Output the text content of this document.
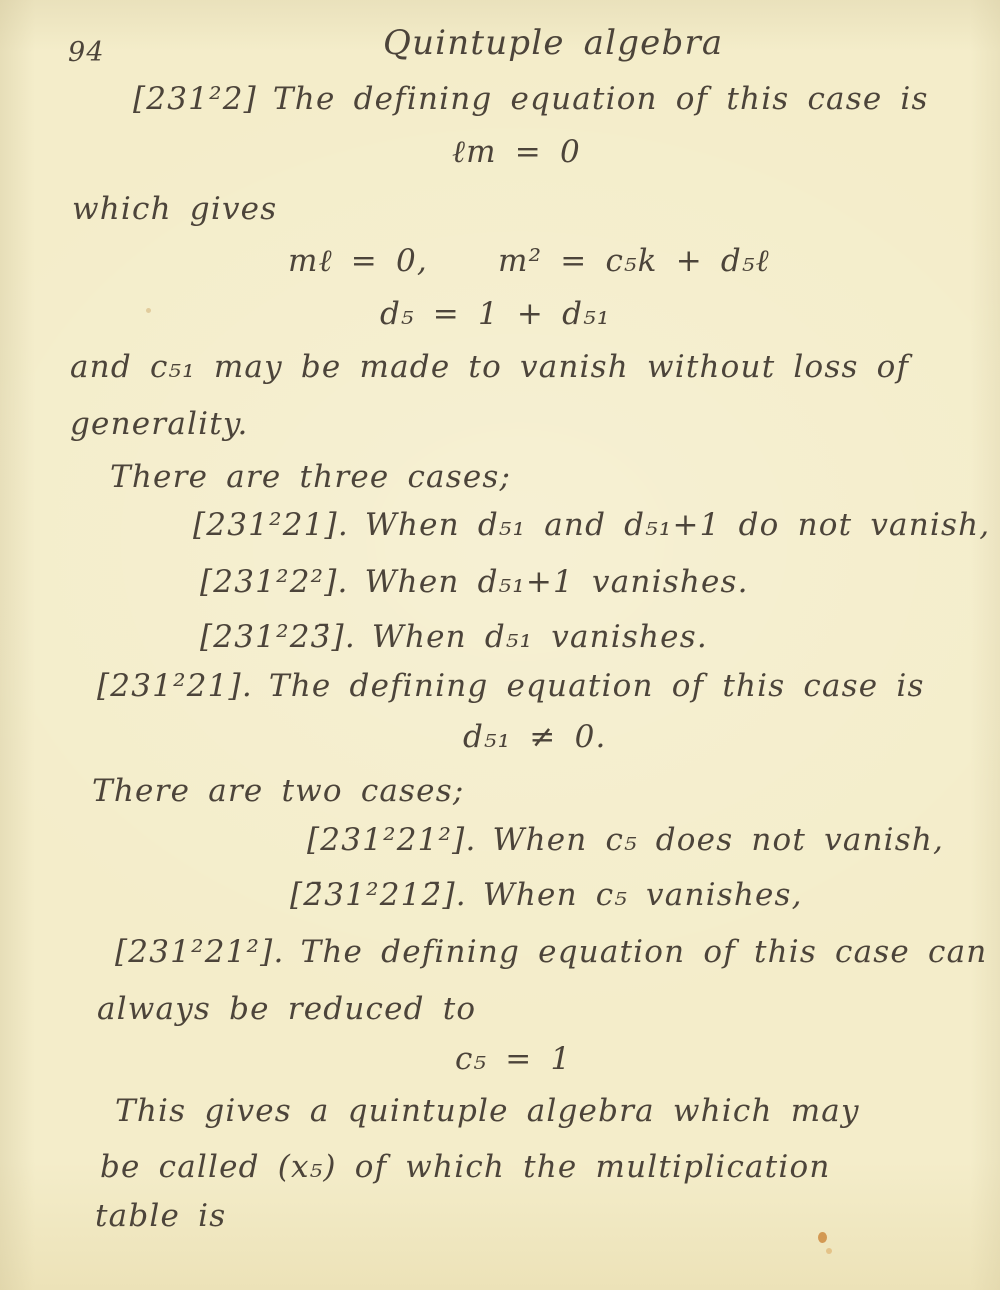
94	Quintuple algebra
[231²2] The defining equation of this case is
ℓm = 0
which gives
mℓ = 0, m² = c₅k + d₅ℓ
d₅ = 1 + d₅₁
and c₅₁ may be made to vanish without loss of
generality.
There are three cases;
[231²21]. When d₅₁ and d₅₁+1 do not vanish,
[231²2²]. When d₅₁+1 vanishes.
[231²23̄]. When d₅₁ vanishes.
[231²21]. The defining equation of this case is
d₅₁ ≠ 0.
There are two cases;
[231²21²]. When c₅ does not vanish,
[2̄31²212̄]. When c₅ vanishes,
[231²21²]. The defining equation of this case can
always be reduced to
c₅ = 1
This gives a quintuple algebra which may
be called (x₅) of which the multiplication
table is
